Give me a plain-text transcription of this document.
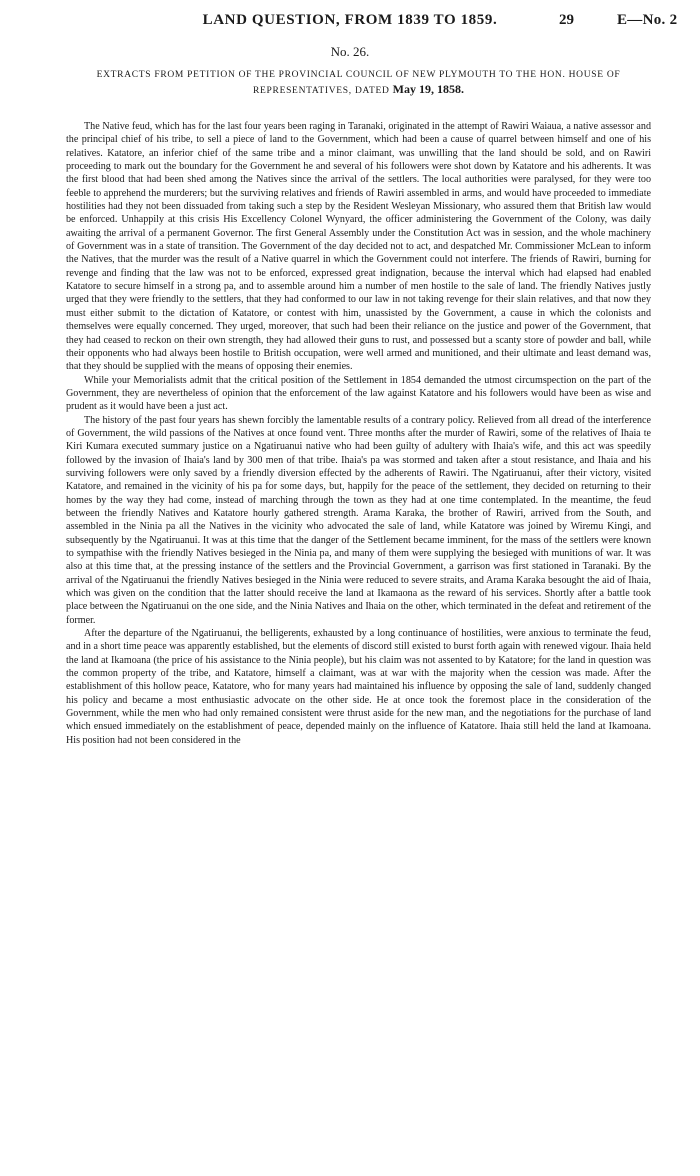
LAND QUESTION, FROM 1839 TO 1859.	29	E—No. 2
No. 26.
EXTRACTS FROM PETITION OF THE PROVINCIAL COUNCIL OF NEW PLYMOUTH TO THE HON. HOUSE OF REPRESENTATIVES, DATED May 19, 1858.

The Native feud, which has for the last four years been raging in Taranaki, originated in the attempt of Rawiri Waiaua, a native assessor and the principal chief of his tribe, to sell a piece of land to the Government, which had been a cause of quarrel between himself and one of his relatives. Katatore, an inferior chief of the same tribe and a minor claimant, was unwilling that the land should be sold, and on Rawiri proceeding to mark out the boundary for the Government he and several of his followers were shot down by Katatore and his adherents. It was the first blood that had been shed among the Natives since the arrival of the settlers. The local authorities were paralysed, for they were too feeble to apprehend the murderers; but the surviving relatives and friends of Rawiri assembled in arms, and would have proceeded to immediate hostilities had they not been dissuaded from taking such a step by the Resident Wesleyan Missionary, who assured them that British law would be enforced. Unhappily at this crisis His Excellency Colonel Wynyard, the officer administering the Government of the Colony, was daily awaiting the arrival of a permanent Governor. The first General Assembly under the Constitution Act was in session, and the whole machinery of Government was in a state of transition. The Government of the day decided not to act, and despatched Mr. Commissioner McLean to inform the Natives, that the murder was the result of a Native quarrel in which the Government could not interfere. The friends of Rawiri, burning for revenge and finding that the law was not to be enforced, expressed great indignation, because the interval which had elapsed had enabled Katatore to secure himself in a strong pa, and to assemble around him a number of men hostile to the sale of land. The friendly Natives justly urged that they were friendly to the settlers, that they had conformed to our law in not taking revenge for their slain relatives, and that now they must either submit to the dictation of Katatore, or contest with him, unassisted by the Government, a cause in which the colonists and themselves were equally concerned. They urged, moreover, that such had been their reliance on the justice and power of the Government, that they had ceased to reckon on their own strength, they had allowed their guns to rust, and possessed but a scanty store of powder and ball, while their opponents who had always been hostile to British occupation, were well armed and munitioned, and their ultimate and least demand was, that they should be supplied with the means of opposing their enemies.

While your Memorialists admit that the critical position of the Settlement in 1854 demanded the utmost circumspection on the part of the Government, they are nevertheless of opinion that the enforcement of the law against Katatore and his followers would have been as wise and prudent as it would have been a just act.

The history of the past four years has shewn forcibly the lamentable results of a contrary policy. Relieved from all dread of the interference of Government, the wild passions of the Natives at once found vent. Three months after the murder of Rawiri, some of the relatives of Ihaia te Kiri Kumara executed summary justice on a Ngatiruanui native who had been guilty of adultery with Ihaia's wife, and this act was speedily followed by the invasion of Ihaia's land by 300 men of that tribe. Ihaia's pa was stormed and taken after a stout resistance, and Ihaia and his surviving followers were only saved by a friendly diversion effected by the adherents of Rawiri. The Ngatiruanui, after their victory, visited Katatore, and remained in the vicinity of his pa for some days, but, happily for the peace of the settlement, they decided on returning to their homes by the way they had come, instead of marching through the town as they had at one time contemplated. In the meantime, the feud between the friendly Natives and Katatore hourly gathered strength. Arama Karaka, the brother of Rawiri, arrived from the South, and assembled in the Ninia pa all the Natives in the vicinity who advocated the sale of land, while Katatore was joined by Wiremu Kingi, and subsequently by the Ngatiruanui. It was at this time that the danger of the Settlement became imminent, for the mass of the settlers were known to sympathise with the friendly Natives besieged in the Ninia pa, and many of them were supplying the besieged with munitions of war. It was also at this time that, at the pressing instance of the settlers and the Provincial Government, a garrison was first stationed in Taranaki. By the arrival of the Ngatiruanui the friendly Natives besieged in the Ninia were reduced to severe straits, and Arama Karaka besought the aid of Ihaia, which was given on the condition that the latter should receive the land at Ikamaona as the reward of his services. Shortly after a battle took place between the Ngatiruanui on the one side, and the Ninia Natives and Ihaia on the other, which terminated in the defeat and retirement of the former.

After the departure of the Ngatiruanui, the belligerents, exhausted by a long continuance of hostilities, were anxious to terminate the feud, and in a short time peace was apparently established, but the elements of discord still existed to burst forth again with renewed vigour. Ihaia held the land at Ikamoana (the price of his assistance to the Ninia people), but his claim was not assented to by Katatore; for the land in question was the common property of the tribe, and Katatore, himself a claimant, was at war with the majority when the cession was made. After the establishment of this hollow peace, Katatore, who for many years had maintained his influence by opposing the sale of land, suddenly changed his policy and became a most enthusiastic advocate on the other side. He at once took the foremost place in the consideration of the Government, while the men who had only remained consistent were thrust aside for the new man, and the negotiations for the purchase of land which ensued immediately on the establishment of peace, depended mainly on the influence of Katatore. Ihaia still held the land at Ikamoana. His position had not been considered in the
